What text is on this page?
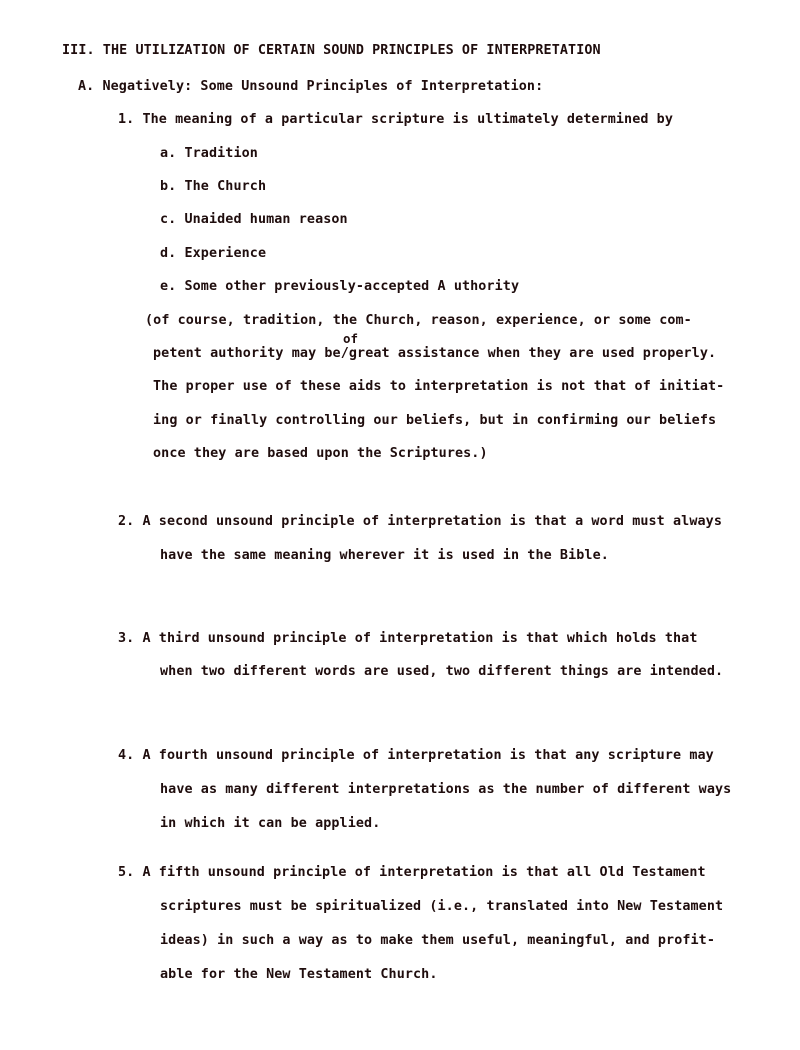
III. THE UTILIZATION OF CERTAIN SOUND PRINCIPLES OF INTERPRETATION
A. Negatively: Some Unsound Principles of Interpretation:
1. The meaning of a particular scripture is ultimately determined by
a. Tradition
b. The Church
c. Unaided human reason
d. Experience
e. Some other previously-accepted A uthority
(of course, tradition, the Church, reason, experience, or some com-
of
petent authority may be/great assistance when they are used properly.
The proper use of these aids to interpretation is not that of initiat-
ing or finally controlling our beliefs, but in confirming our beliefs
once they are based upon the Scriptures.)
2. A second unsound principle of interpretation is that a word must always
have the same meaning wherever it is used in the Bible.
3. A third unsound principle of interpretation is that which holds that
when two different words are used, two different things are intended.
4. A fourth unsound principle of interpretation is that any scripture may
have as many different interpretations as the number of different ways
in which it can be applied.
5. A fifth unsound principle of interpretation is that all Old Testament
scriptures must be spiritualized (i.e., translated into New Testament
ideas) in such a way as to make them useful, meaningful, and profit-
able for the New Testament Church.
